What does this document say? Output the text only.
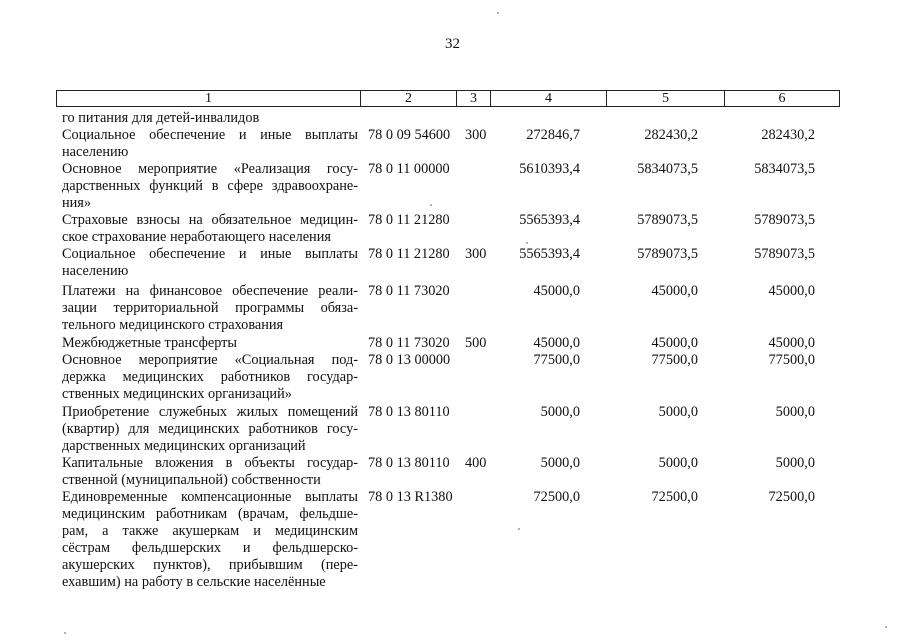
32
1	2	3	4	5	6
го питания для детей-инвалидов
Социальное обеспечение и иные выплаты
населению
78 0 09 54600 300	272846,7	282430,2	282430,2
Основное мероприятие «Реализация госу-
дарственных функций в сфере здравоохране-
ния»
78 0 11 00000	5610393,4	5834073,5	5834073,5
Страховые взносы на обязательное медицин-
ское страхование неработающего населения
78 0 11 21280	5565393,4	5789073,5	5789073,5
Социальное обеспечение и иные выплаты
населению
78 0 11 21280 300	5565393,4	5789073,5	5789073,5
Платежи на финансовое обеспечение реали-
зации территориальной программы обяза-
тельного медицинского страхования
78 0 11 73020	45000,0	45000,0	45000,0
Межбюджетные трансферты	78 0 11 73020 500	45000,0	45000,0	45000,0
Основное мероприятие «Социальная под-
держка медицинских работников государ-
ственных медицинских организаций»
78 0 13 00000	77500,0	77500,0	77500,0
Приобретение служебных жилых помещений
(квартир) для медицинских работников госу-
дарственных медицинских организаций
78 0 13 80110	5000,0	5000,0	5000,0
Капитальные вложения в объекты государ-
ственной (муниципальной) собственности
78 0 13 80110 400	5000,0	5000,0	5000,0
Единовременные компенсационные выплаты
медицинским работникам (врачам, фельдше-
рам, а также акушеркам и медицинским
сёстрам фельдшерских и фельдшерско-
акушерских пунктов), прибывшим (пере-
ехавшим) на работу в сельские населённые
78 0 13 R1380	72500,0	72500,0	72500,0
